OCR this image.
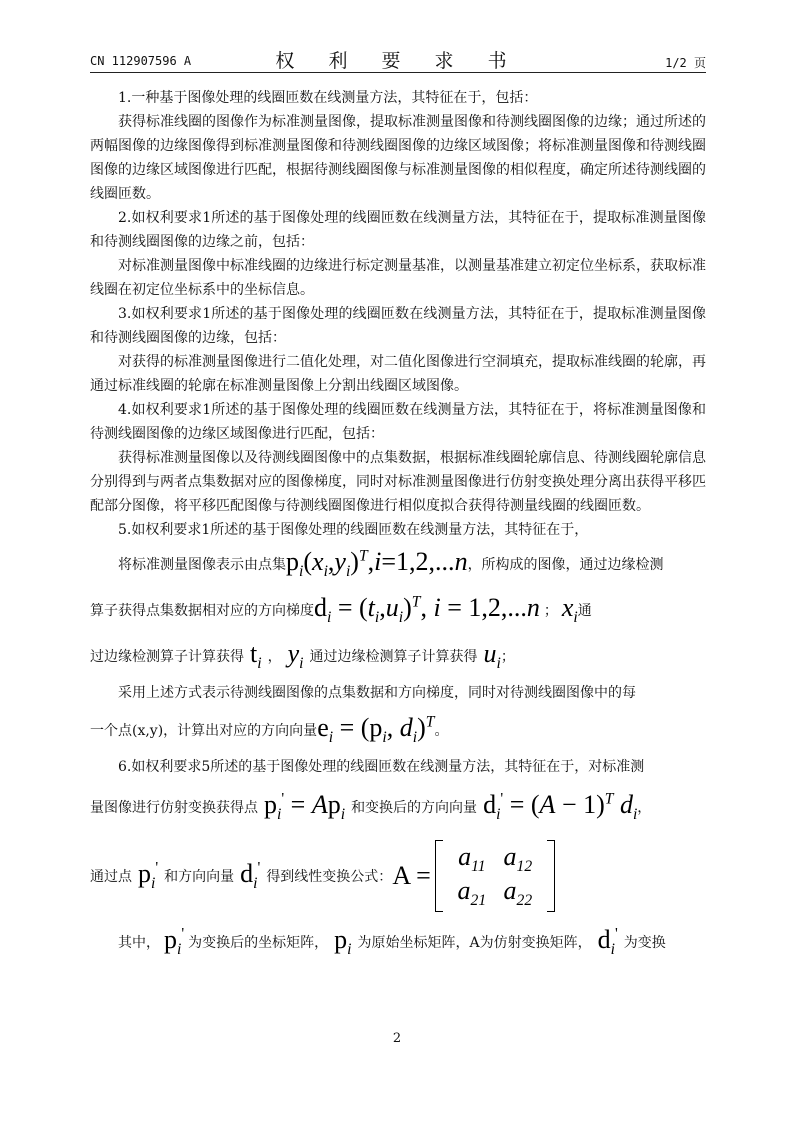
CN 112907596 A	权 利 要 求 书	1/2 页

1.一种基于图像处理的线圈匝数在线测量方法，其特征在于，包括：

获得标准线圈的图像作为标准测量图像，提取标准测量图像和待测线圈图像的边缘；通过所述的两幅图像的边缘图像得到标准测量图像和待测线圈图像的边缘区域图像；将标准测量图像和待测线圈图像的边缘区域图像进行匹配，根据待测线圈图像与标准测量图像的相似程度，确定所述待测线圈的线圈匝数。

2.如权利要求1所述的基于图像处理的线圈匝数在线测量方法，其特征在于，提取标准测量图像和待测线圈图像的边缘之前，包括：

对标准测量图像中标准线圈的边缘进行标定测量基准，以测量基准建立初定位坐标系，获取标准线圈在初定位坐标系中的坐标信息。

3.如权利要求1所述的基于图像处理的线圈匝数在线测量方法，其特征在于，提取标准测量图像和待测线圈图像的边缘，包括：

对获得的标准测量图像进行二值化处理，对二值化图像进行空洞填充，提取标准线圈的轮廓，再通过标准线圈的轮廓在标准测量图像上分割出线圈区域图像。

4.如权利要求1所述的基于图像处理的线圈匝数在线测量方法，其特征在于，将标准测量图像和待测线圈图像的边缘区域图像进行匹配，包括：

获得标准测量图像以及待测线圈图像中的点集数据，根据标准线圈轮廓信息、待测线圈轮廓信息分别得到与两者点集数据对应的图像梯度，同时对标准测量图像进行仿射变换处理分离出获得平移匹配部分图像，将平移匹配图像与待测线圈图像进行相似度拟合获得待测量线圈的线圈匝数。

5.如权利要求1所述的基于图像处理的线圈匝数在线测量方法，其特征在于，

将标准测量图像表示由点集 $p_i(x_i,y_i)^T,i=1,2,...n$ ，所构成的图像，通过边缘检测
算子获得点集数据相对应的方向梯度 $d_i = (t_i,u_i)^T$, i = 1,2,...n ； $x_i$ 通
过边缘检测算子计算获得 $t_i$ ， $y_i$ 通过边缘检测算子计算获得 $u_i$ ；

采用上述方式表示待测线圈图像的点集数据和方向梯度，同时对待测线圈图像中的每

一个点(x,y)，计算出对应的方向向量 $e_i = (p_i$, $d_i)^T$
。

6.如权利要求5所述的基于图像处理的线圈匝数在线测量方法，其特征在于，对标准测

量图像进行仿射变换获得点 $p_i' = Ap_i$ 和变换后的方向向量 $d_i' = (A - 1)^T$ $d_i$ ，
通过点 $p_i'$
和方向向量 $d_i'$
得到线性变换公式： A =
$a_{11}$ $a_{12}$
$a_{21}$ $a_{22}$
其中， $p_i'$
为变换后的坐标矩阵， $p_i$ 为原始坐标矩阵，A为仿射变换矩阵， $d_i'$
为变换
2
